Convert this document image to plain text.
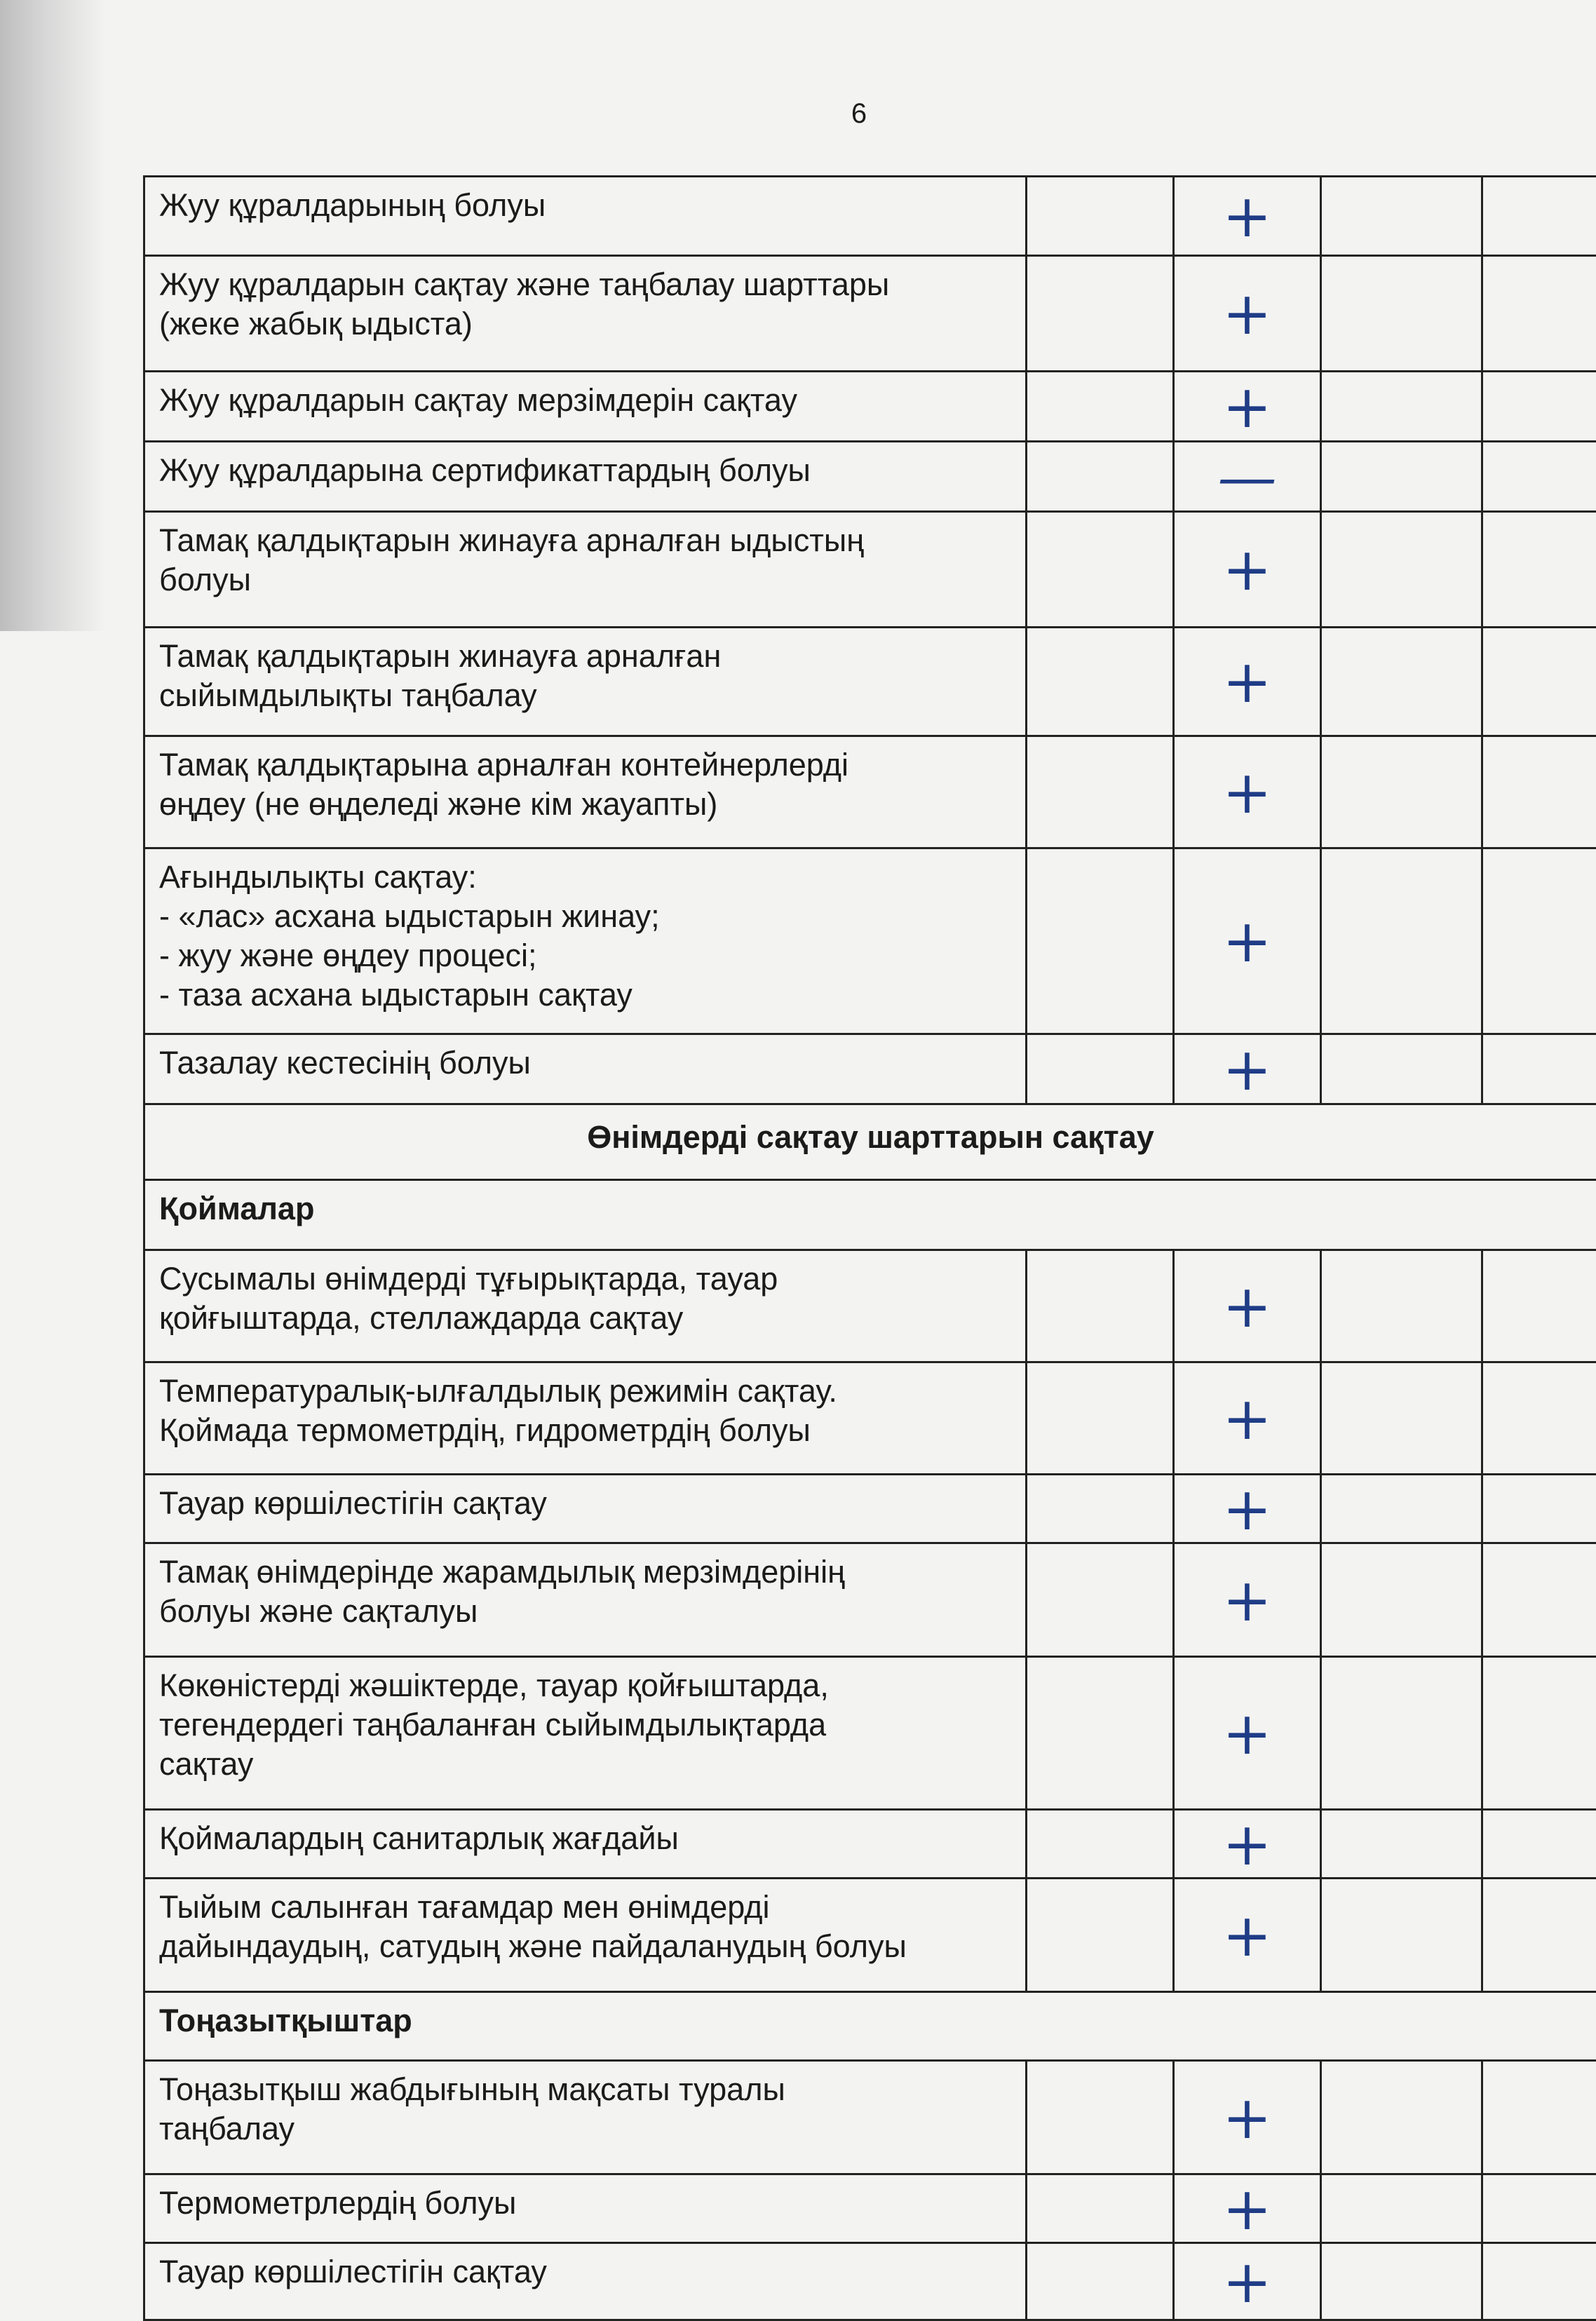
6
Жуу құралдарының болуы	+
Жуу құралдарын сақтау және таңбалау шарттары
(жеке жабық ыдыста)	+
Жуу құралдарын сақтау мерзімдерін сақтау	+
Жуу құралдарына сертификаттардың болуы	—
Тамақ қалдықтарын жинауға арналған ыдыстың
болуы	+
Тамақ қалдықтарын жинауға арналған
сыйымдылықты таңбалау	+
Тамақ қалдықтарына арналған контейнерлерді
өңдеу (не өңделеді және кім жауапты)	+
Ағындылықты сақтау:
- «лас» асхана ыдыстарын жинау;
- жуу және өңдеу процесі;
- таза асхана ыдыстарын сақтау
+
Тазалау кестесінің болуы	+
Өнімдерді сақтау шарттарын сақтау
Қоймалар
Сусымалы өнімдерді тұғырықтарда, тауар
қойғыштарда, стеллаждарда сақтау	+
Температуралық-ылғалдылық режимін сақтау.
Қоймада термометрдің, гидрометрдің болуы	+
Тауар көршілестігін сақтау	+
Тамақ өнімдерінде жарамдылық мерзімдерінің
болуы және сақталуы	+
Көкөністерді жәшіктерде, тауар қойғыштарда,
тегендердегі таңбаланған сыйымдылықтарда
сақтау	+
Қоймалардың санитарлық жағдайы	+
Тыйым салынған тағамдар мен өнімдерді
дайындаудың, сатудың және пайдаланудың болуы	+
Тоңазытқыштар
Тоңазытқыш жабдығының мақсаты туралы
таңбалау	+
Термометрлердің болуы	+
Тауар көршілестігін сақтау	+
